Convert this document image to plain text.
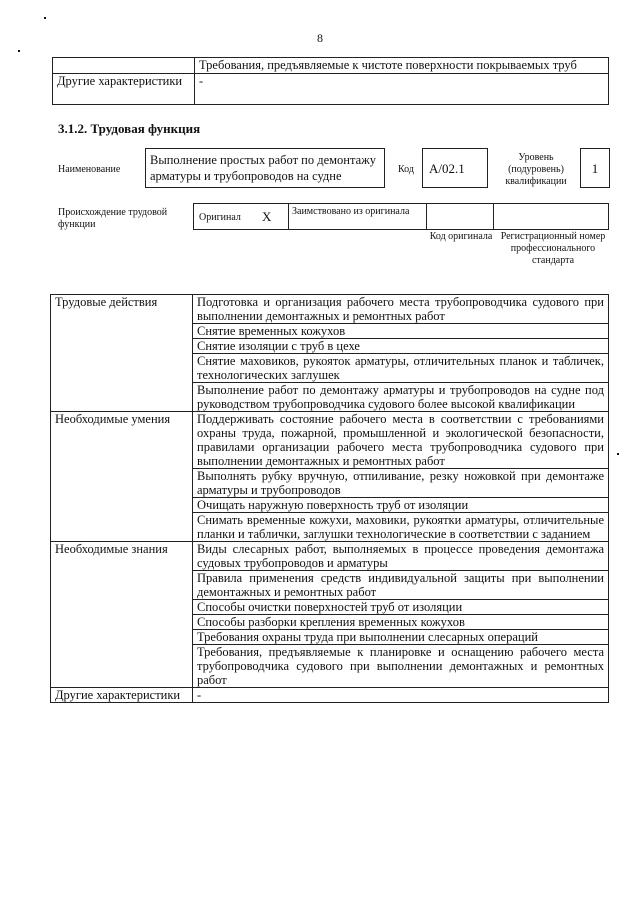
8
	Требования, предъявляемые к чистоте поверхности покрываемых труб
Другие характеристики	-
3.1.2. Трудовая функция
Наименование
Выполнение простых работ по демонтажу арматуры и трубопроводов на судне	Код	А/02.1
Уровень (подуровень) квалификации
1
Происхождение трудовой функции
Оригинал X Заимствовано из оригинала
Код оригинала Регистрационный номер профессионального стандарта
Трудовые действия	Подготовка и организация рабочего места трубопроводчика судового при выполнении демонтажных и ремонтных работ
	Снятие временных кожухов
	Снятие изоляции с труб в цехе
	Снятие маховиков, рукояток арматуры, отличительных планок и табличек, технологических заглушек
	Выполнение работ по демонтажу арматуры и трубопроводов на судне под руководством трубопроводчика судового более высокой квалификации
Необходимые умения	Поддерживать состояние рабочего места в соответствии с требованиями охраны труда, пожарной, промышленной и экологической безопасности, правилами организации рабочего места трубопроводчика судового при выполнении демонтажных и ремонтных работ
	Выполнять рубку вручную, отпиливание, резку ножовкой при демонтаже арматуры и трубопроводов
	Очищать наружную поверхность труб от изоляции
	Снимать временные кожухи, маховики, рукоятки арматуры, отличительные планки и таблички, заглушки технологические в соответствии с заданием
Необходимые знания	Виды слесарных работ, выполняемых в процессе проведения демонтажа судовых трубопроводов и арматуры
	Правила применения средств индивидуальной защиты при выполнении демонтажных и ремонтных работ
	Способы очистки поверхностей труб от изоляции
	Способы разборки крепления временных кожухов
	Требования охраны труда при выполнении слесарных операций
	Требования, предъявляемые к планировке и оснащению рабочего места трубопроводчика судового при выполнении демонтажных и ремонтных работ
Другие характеристики	-
